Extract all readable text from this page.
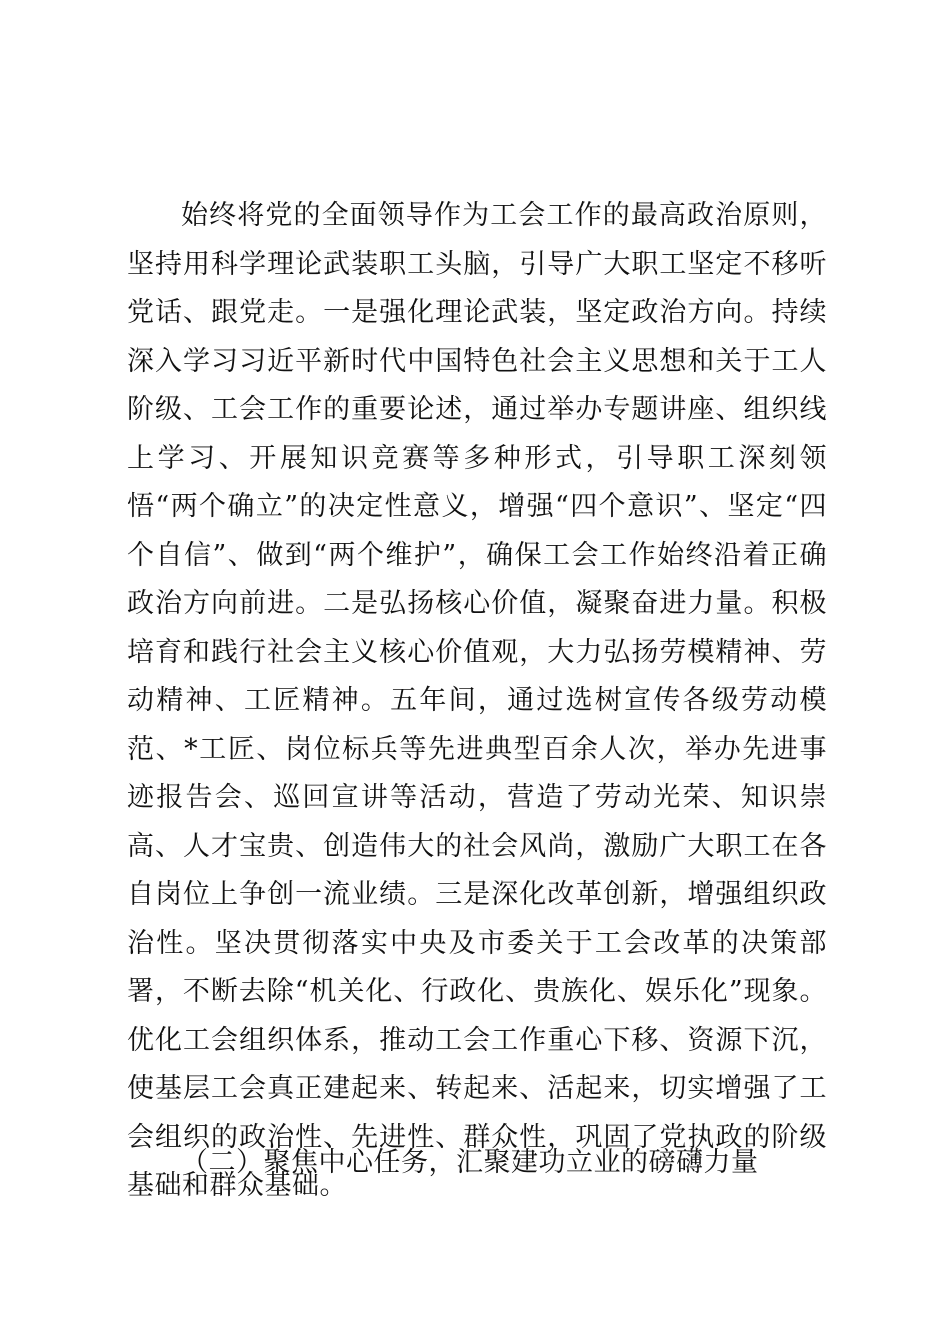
始终将党的全面领导作为工会工作的最高政治原则，坚持用科学理论武装职工头脑，引导广大职工坚定不移听党话、跟党走。一是强化理论武装，坚定政治方向。持续深入学习习近平新时代中国特色社会主义思想和关于工人阶级、工会工作的重要论述，通过举办专题讲座、组织线上学习、开展知识竞赛等多种形式，引导职工深刻领悟“两个确立”的决定性意义，增强“四个意识”、坚定“四个自信”、做到“两个维护”，确保工会工作始终沿着正确政治方向前进。二是弘扬核心价值，凝聚奋进力量。积极培育和践行社会主义核心价值观，大力弘扬劳模精神、劳动精神、工匠精神。五年间，通过选树宣传各级劳动模范、*工匠、岗位标兵等先进典型百余人次，举办先进事迹报告会、巡回宣讲等活动，营造了劳动光荣、知识崇高、人才宝贵、创造伟大的社会风尚，激励广大职工在各自岗位上争创一流业绩。三是深化改革创新，增强组织政治性。坚决贯彻落实中央及市委关于工会改革的决策部署，不断去除“机关化、行政化、贵族化、娱乐化”现象。优化工会组织体系，推动工会工作重心下移、资源下沉，使基层工会真正建起来、转起来、活起来，切实增强了工会组织的政治性、先进性、群众性，巩固了党执政的阶级基础和群众基础。

（二）聚焦中心任务，汇聚建功立业的磅礴力量
